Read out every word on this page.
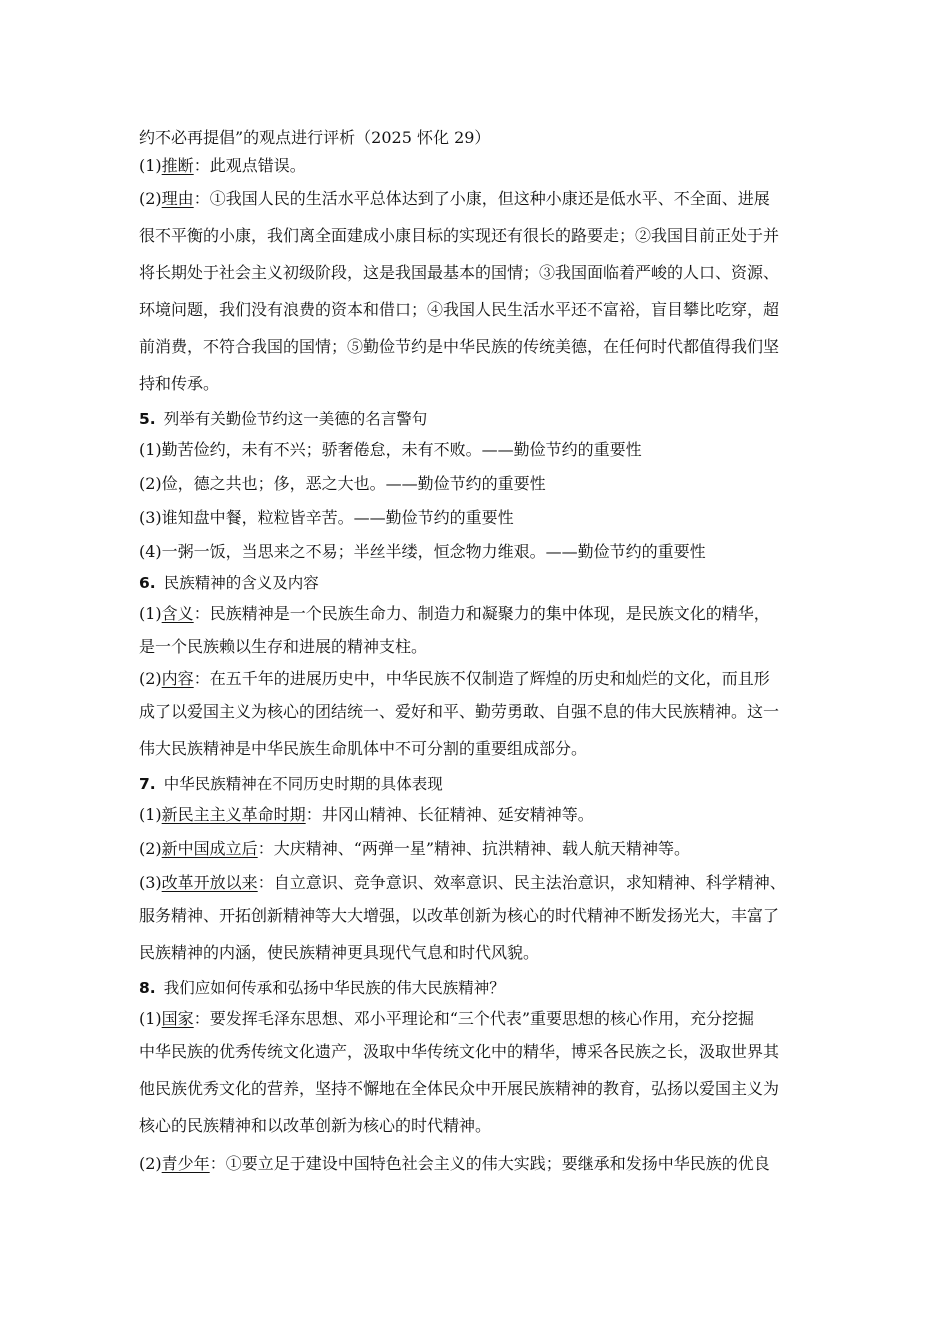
约不必再提倡”的观点进行评析（2025 怀化 29）
(1)推断：此观点错误。
(2)理由：①我国人民的生活水平总体达到了小康，但这种小康还是低水平、不全面、进展
很不平衡的小康，我们离全面建成小康目标的实现还有很长的路要走；②我国目前正处于并
将长期处于社会主义初级阶段，这是我国最基本的国情；③我国面临着严峻的人口、资源、
环境问题，我们没有浪费的资本和借口；④我国人民生活水平还不富裕，盲目攀比吃穿，超
前消费，不符合我国的国情；⑤勤俭节约是中华民族的传统美德，在任何时代都值得我们坚
持和传承。
5. 列举有关勤俭节约这一美德的名言警句
(1)勤苦俭约，未有不兴；骄奢倦怠，未有不败。——勤俭节约的重要性
(2)俭，德之共也；侈，恶之大也。——勤俭节约的重要性
(3)谁知盘中餐，粒粒皆辛苦。——勤俭节约的重要性
(4)一粥一饭，当思来之不易；半丝半缕，恒念物力维艰。——勤俭节约的重要性
6. 民族精神的含义及内容
(1)含义：民族精神是一个民族生命力、制造力和凝聚力的集中体现，是民族文化的精华，
是一个民族赖以生存和进展的精神支柱。
(2)内容：在五千年的进展历史中，中华民族不仅制造了辉煌的历史和灿烂的文化，而且形
成了以爱国主义为核心的团结统一、爱好和平、勤劳勇敢、自强不息的伟大民族精神。这一
伟大民族精神是中华民族生命肌体中不可分割的重要组成部分。
7. 中华民族精神在不同历史时期的具体表现
(1)新民主主义革命时期：井冈山精神、长征精神、延安精神等。
(2)新中国成立后：大庆精神、“两弹一星”精神、抗洪精神、载人航天精神等。
(3)改革开放以来：自立意识、竞争意识、效率意识、民主法治意识，求知精神、科学精神、
服务精神、开拓创新精神等大大增强，以改革创新为核心的时代精神不断发扬光大，丰富了
民族精神的内涵，使民族精神更具现代气息和时代风貌。
8. 我们应如何传承和弘扬中华民族的伟大民族精神？
(1)国家：要发挥毛泽东思想、邓小平理论和“三个代表”重要思想的核心作用，充分挖掘
中华民族的优秀传统文化遗产，汲取中华传统文化中的精华，博采各民族之长，汲取世界其
他民族优秀文化的营养，坚持不懈地在全体民众中开展民族精神的教育，弘扬以爱国主义为
核心的民族精神和以改革创新为核心的时代精神。
(2)青少年：①要立足于建设中国特色社会主义的伟大实践；要继承和发扬中华民族的优良
